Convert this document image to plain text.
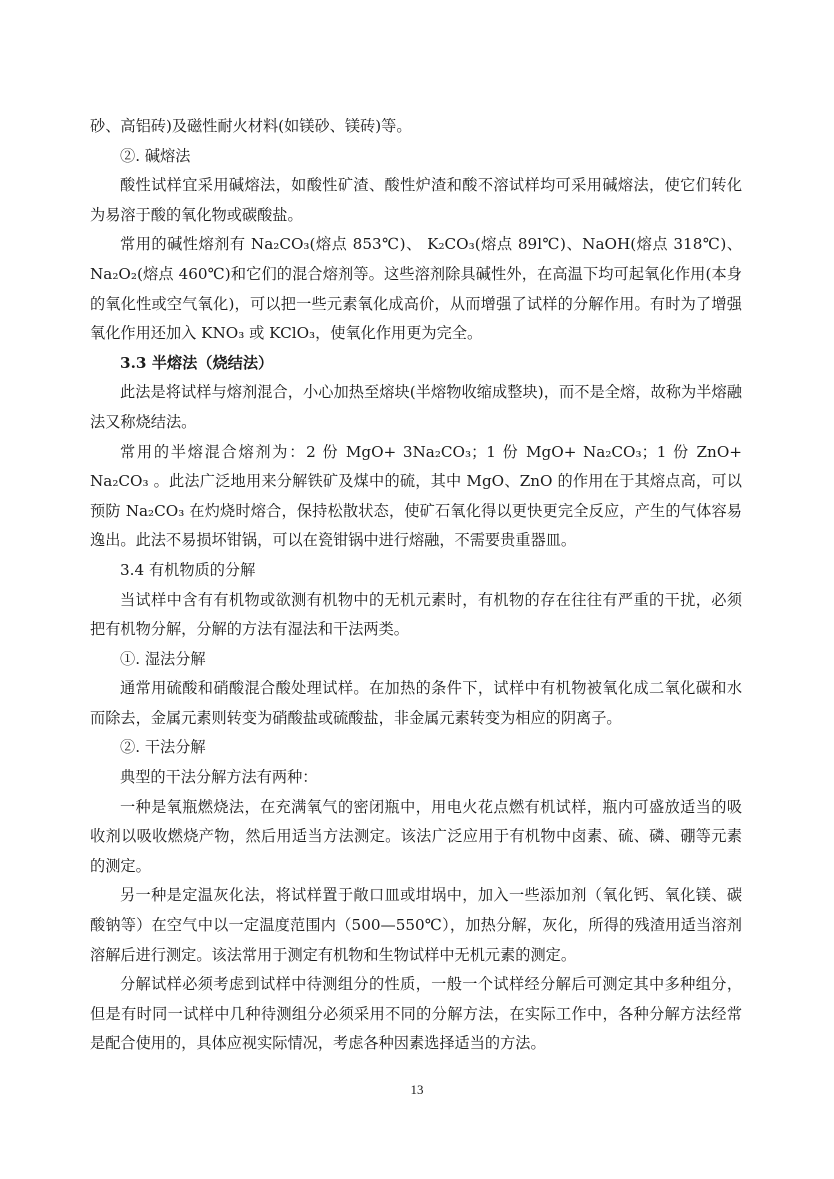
砂、高铝砖)及磁性耐火材料(如镁砂、镁砖)等。

②. 碱熔法

酸性试样宜采用碱熔法，如酸性矿渣、酸性炉渣和酸不溶试样均可采用碱熔法，使它们转化为易溶于酸的氧化物或碳酸盐。

常用的碱性熔剂有 Na₂CO₃(熔点 853℃)、 K₂CO₃(熔点 89l℃)、NaOH(熔点 318℃)、Na₂O₂(熔点 460℃)和它们的混合熔剂等。这些溶剂除具碱性外，在高温下均可起氧化作用(本身的氧化性或空气氧化)，可以把一些元素氧化成高价，从而增强了试样的分解作用。有时为了增强氧化作用还加入 KNO₃ 或 KClO₃，使氧化作用更为完全。

3.3 半熔法（烧结法）

此法是将试样与熔剂混合，小心加热至熔块(半熔物收缩成整块)，而不是全熔，故称为半熔融法又称烧结法。

常用的半熔混合熔剂为：2 份 MgO+ 3Na₂CO₃；1 份 MgO+ Na₂CO₃；1 份 ZnO+ Na₂CO₃ 。此法广泛地用来分解铁矿及煤中的硫，其中 MgO、ZnO 的作用在于其熔点高，可以预防 Na₂CO₃ 在灼烧时熔合，保持松散状态，使矿石氧化得以更快更完全反应，产生的气体容易逸出。此法不易损坏钳锅，可以在瓷钳锅中进行熔融，不需要贵重器皿。

3.4 有机物质的分解

当试样中含有有机物或欲测有机物中的无机元素时，有机物的存在往往有严重的干扰，必须把有机物分解，分解的方法有湿法和干法两类。

①. 湿法分解

通常用硫酸和硝酸混合酸处理试样。在加热的条件下，试样中有机物被氧化成二氧化碳和水而除去，金属元素则转变为硝酸盐或硫酸盐，非金属元素转变为相应的阴离子。

②. 干法分解

典型的干法分解方法有两种：

一种是氧瓶燃烧法，在充满氧气的密闭瓶中，用电火花点燃有机试样，瓶内可盛放适当的吸收剂以吸收燃烧产物，然后用适当方法测定。该法广泛应用于有机物中卤素、硫、磷、硼等元素的测定。

另一种是定温灰化法，将试样置于敞口皿或坩埚中，加入一些添加剂（氧化钙、氧化镁、碳酸钠等）在空气中以一定温度范围内（500—550℃），加热分解，灰化，所得的残渣用适当溶剂溶解后进行测定。该法常用于测定有机物和生物试样中无机元素的测定。

分解试样必须考虑到试样中待测组分的性质，一般一个试样经分解后可测定其中多种组分，但是有时同一试样中几种待测组分必须采用不同的分解方法，在实际工作中，各种分解方法经常是配合使用的，具体应视实际情况，考虑各种因素选择适当的方法。

13
